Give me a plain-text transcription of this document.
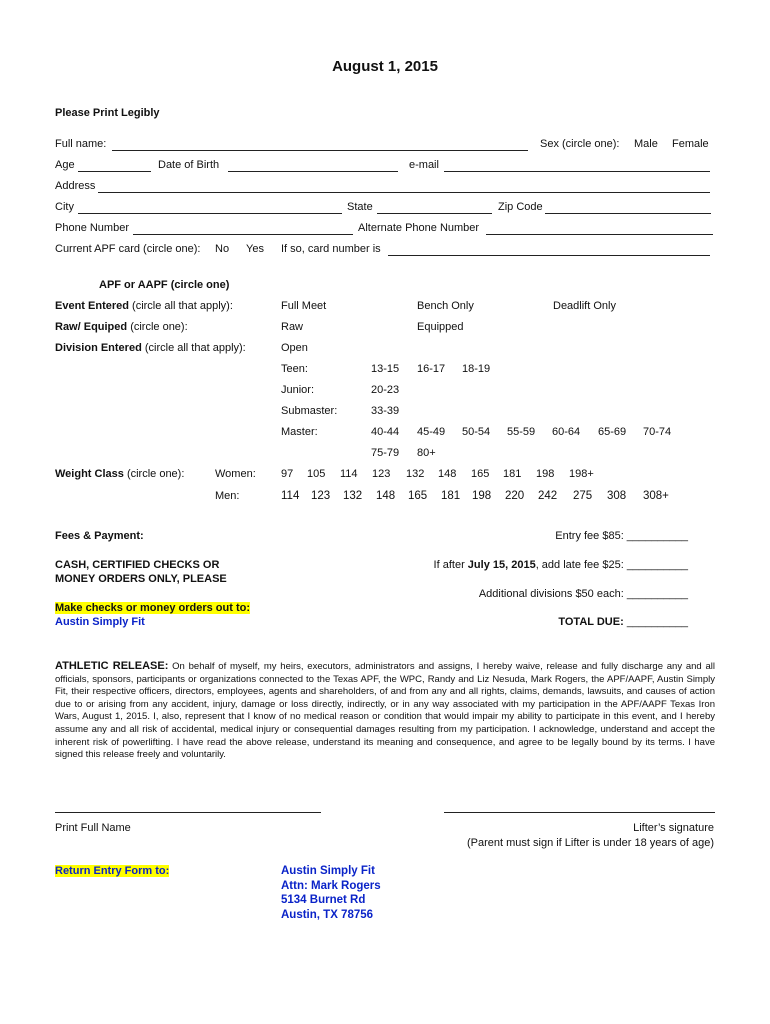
August 1, 2015
Please Print Legibly
Full name:	Sex (circle one): Male Female
Age	Date of Birth	e-mail
Address
City	State	Zip Code
Phone Number	Alternate Phone Number
Current APF card (circle one): No Yes If so, card number is
APF or AAPF (circle one)
Event Entered (circle all that apply):	Full Meet	Bench Only	Deadlift Only
Raw/ Equiped (circle one):	Raw	Equipped
Division Entered (circle all that apply):	Open
Teen:	13-15 16-17 18-19
Junior:	20-23
Submaster:	33-39
Master:	40-44 45-49 50-54 55-59 60-64 65-69 70-74
75-79 80+
Weight Class (circle one):	Women: 97 105 114 123 132 148 165 181 198 198+
Men:	114 123 132 148 165 181 198 220 242 275 308 308+
Fees & Payment:	Entry fee $85: __________
CASH, CERTIFIED CHECKS OR
MONEY ORDERS ONLY, PLEASE
If after July 15, 2015, add late fee $25: __________
Additional divisions $50 each: __________
Make checks or money orders out to:
Austin Simply Fit	TOTAL DUE: __________
ATHLETIC RELEASE: On behalf of myself, my heirs, executors, administrators and assigns, I hereby waive, release and fully discharge any and all officials, sponsors, participants or organizations connected to the Texas APF, the WPC, Randy and Liz Nesuda, Mark Rogers, the APF/AAPF, Austin Simply Fit, their respective officers, directors, employees, agents and shareholders, of and from any and all rights, claims, demands, lawsuits, and causes of action due to or arising from any accident, injury, damage or loss directly, indirectly, or in any way associated with my participation in the APF/AAPF Texas Iron Wars, August 1, 2015. I, also, represent that I know of no medical reason or condition that would impair my ability to participate in this event, and I hereby assume any and all risk of accidental, medical injury or consequential damages resulting from my participation. I acknowledge, understand and accept the inherent risk of powerlifting. I have read the above release, understand its meaning and consequence, and agree to be legally bound by its terms. I have signed this release freely and voluntarily.
Print Full Name	Lifter’s signature
(Parent must sign if Lifter is under 18 years of age)
Return Entry Form to:	Austin Simply Fit
Attn: Mark Rogers
5134 Burnet Rd
Austin, TX 78756
